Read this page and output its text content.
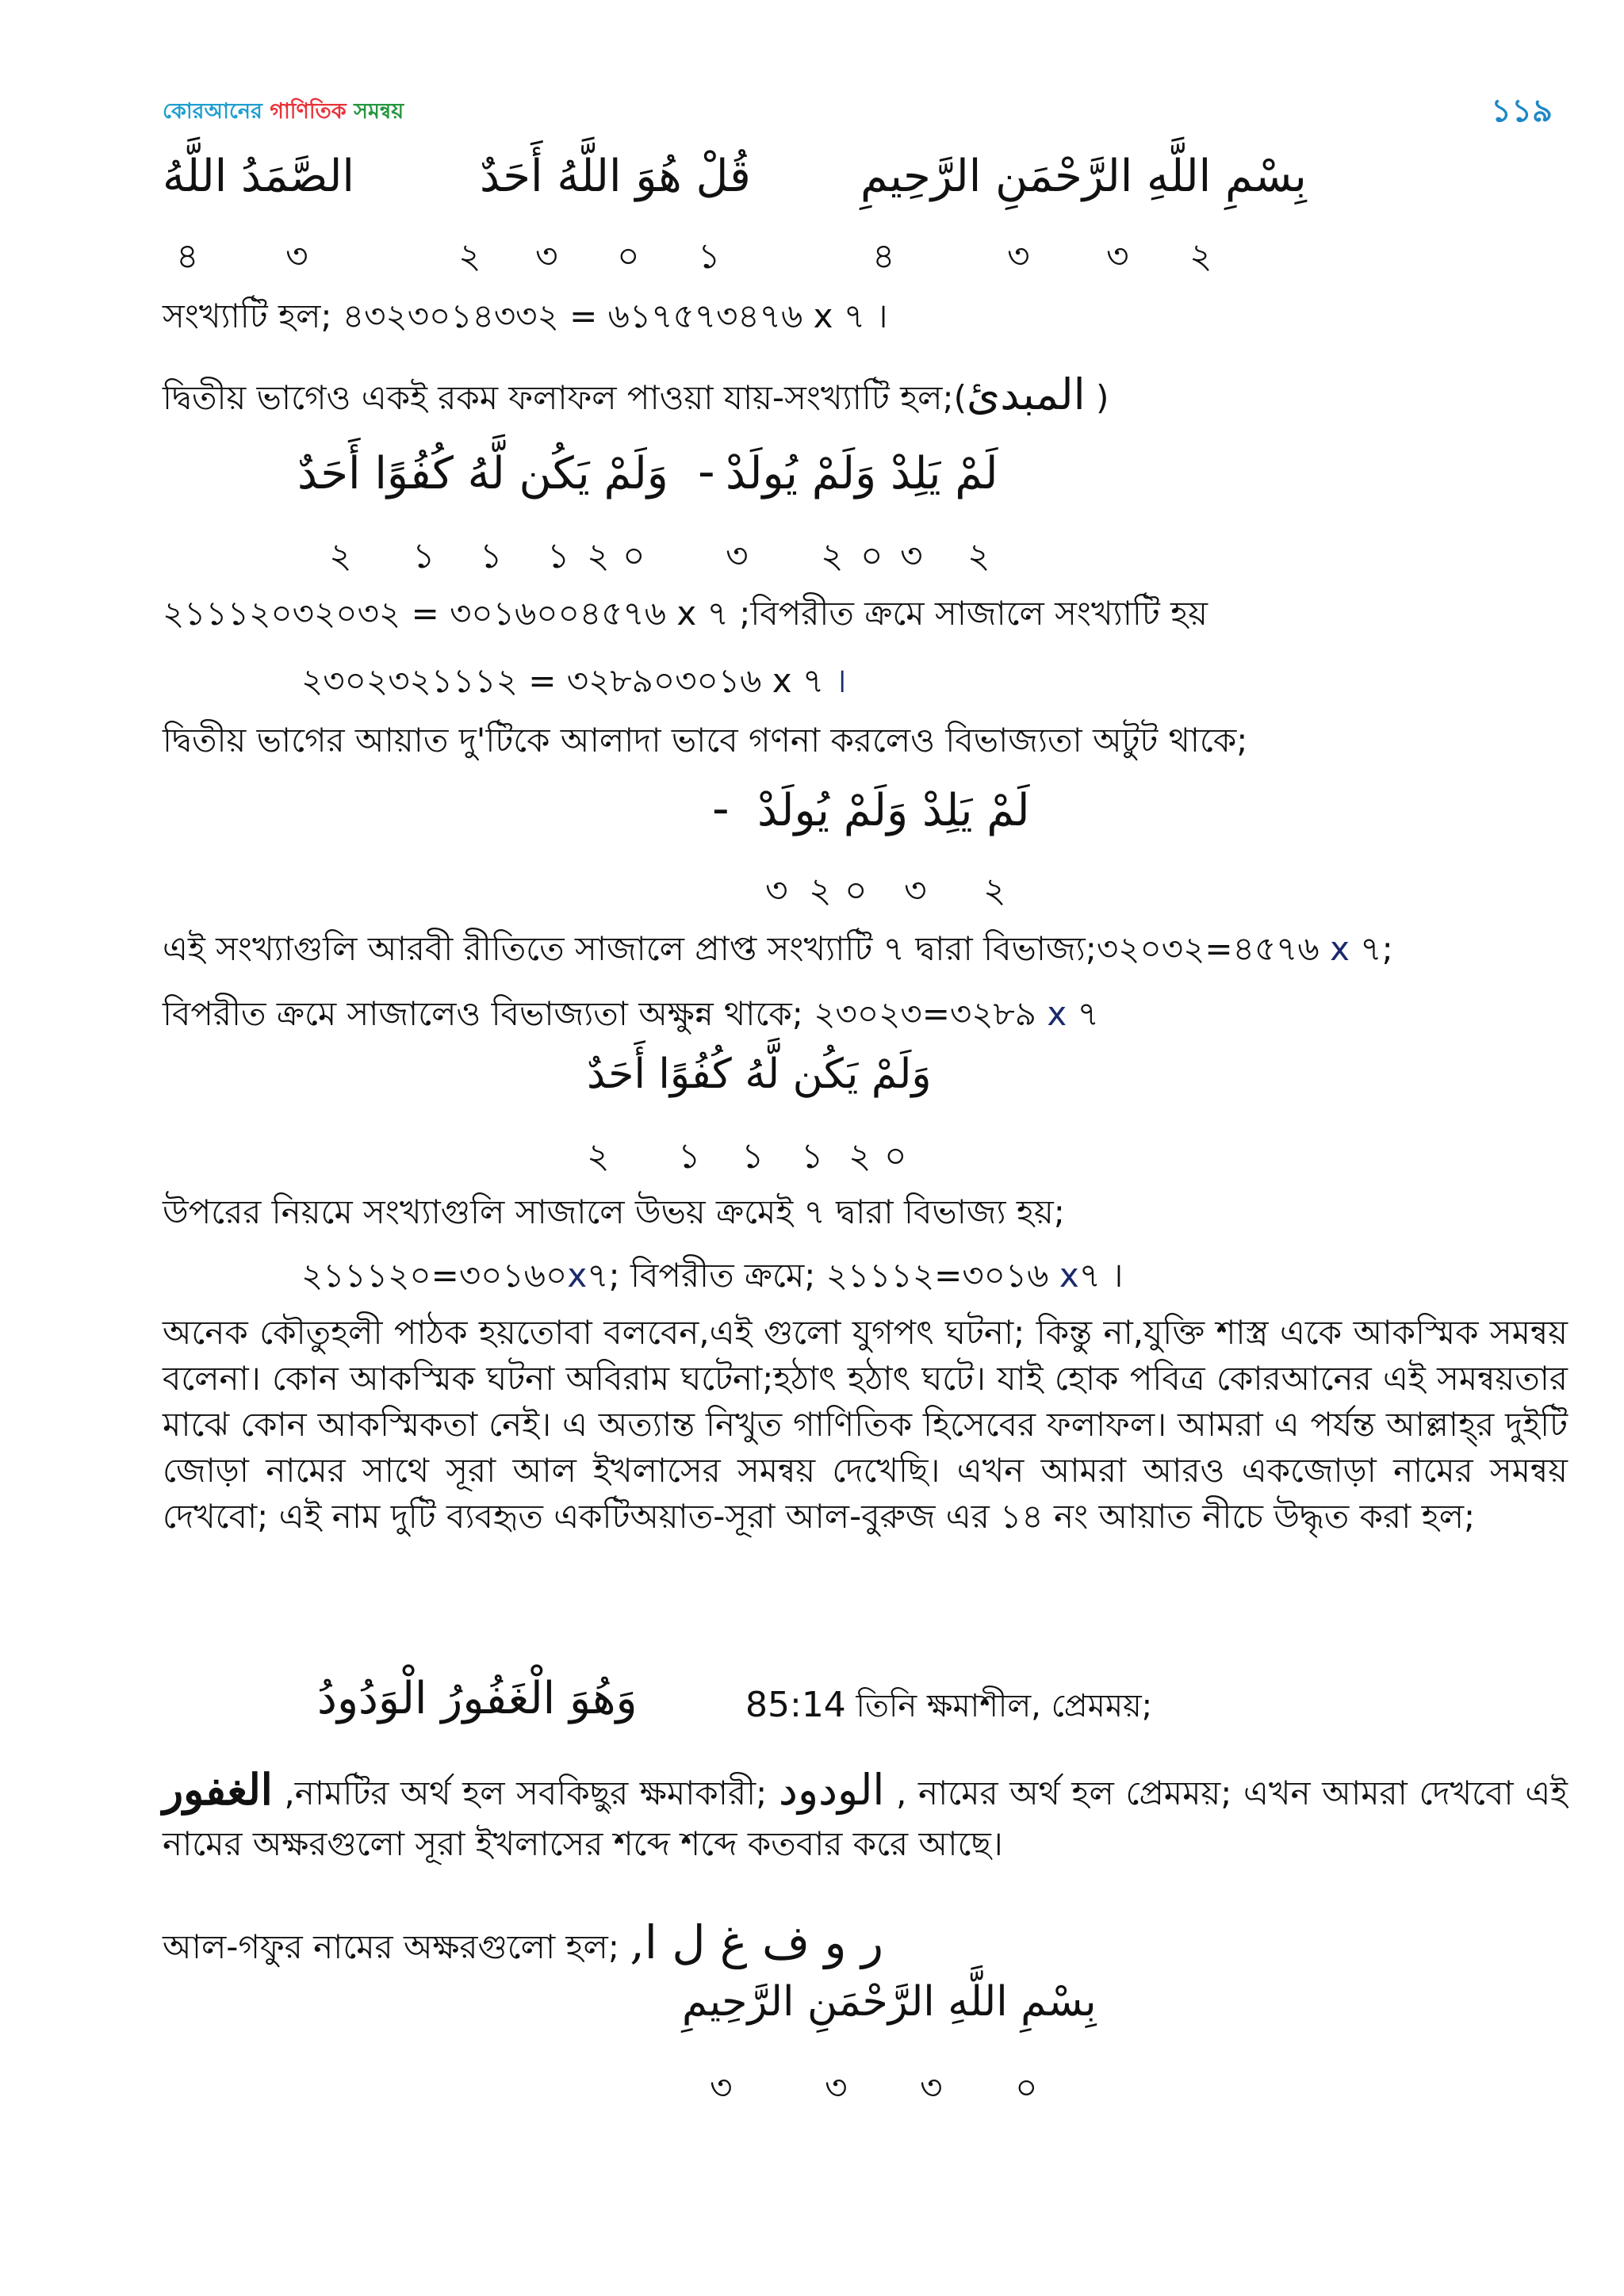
কোরআনের গাণিতিক সমন্বয়	১১৯
الصَّمَدُ اللَّهُ	قُلْ هُوَ اللَّهُ أَحَدٌ بِسْمِ اللَّهِ الرَّحْمَنِ الرَّحِيمِ
৪ ৩	২ ৩ ০ ১	৪	৩ ৩ ২
সংখ্যাটি হল; ৪৩২৩০১৪৩৩২ = ৬১৭৫৭৩৪৭৬ x ৭ ।
দ্বিতীয় ভাগেও একই রকম ফলাফল পাওয়া যায়-সংখ্যাটি হল;(المبدئ )
وَلَمْ يَكُن لَّهُ كُفُوًا أَحَدٌ - لَمْ يَلِدْ وَلَمْ يُولَدْ
২ ১ ১ ১ ২ ০ ৩ ২ ০ ৩ ২
২১১১২০৩২০৩২ = ৩০১৬০০৪৫৭৬ x ৭ ;বিপরীত ক্রমে সাজালে সংখ্যাটি হয়
২৩০২৩২১১১২ = ৩২৮৯০৩০১৬ x ৭ ।
দ্বিতীয় ভাগের আয়াত দু'টিকে আলাদা ভাবে গণনা করলেও বিভাজ্যতা অটুট থাকে;
- لَمْ يَلِدْ وَلَمْ يُولَدْ
৩ ২ ০ ৩ ২
এই সংখ্যাগুলি আরবী রীতিতে সাজালে প্রাপ্ত সংখ্যাটি ৭ দ্বারা বিভাজ্য;৩২০৩২=৪৫৭৬ x ৭;
বিপরীত ক্রমে সাজালেও বিভাজ্যতা অক্ষুন্ন থাকে; ২৩০২৩=৩২৮৯ x ৭
وَلَمْ يَكُن لَّهُ كُفُوًا أَحَدٌ
২ ১ ১ ১ ২ ০
উপরের নিয়মে সংখ্যাগুলি সাজালে উভয় ক্রমেই ৭ দ্বারা বিভাজ্য হয়;
২১১১২০=৩০১৬০x৭; বিপরীত ক্রমে; ২১১১২=৩০১৬ x৭ ।
অনেক কৌতুহলী পাঠক হয়তোবা বলবেন,এই গুলো যুগপৎ ঘটনা; কিন্তু না,যুক্তি শাস্ত্র একে আকস্মিক সমন্বয় বলেনা। কোন আকস্মিক ঘটনা অবিরাম ঘটেনা;হঠাৎ হঠাৎ ঘটে। যাই হোক পবিত্র কোরআনের এই সমন্বয়তার মাঝে কোন আকস্মিকতা নেই। এ অত্যান্ত নিখুত গাণিতিক হিসেবের ফলাফল। আমরা এ পর্যন্ত আল্লাহ্‌র দুইটি জোড়া নামের সাথে সূরা আল ইখলাসের সমন্বয় দেখেছি। এখন আমরা আরও একজোড়া নামের সমন্বয় দেখবো; এই নাম দুটি ব্যবহৃত একটিঅয়াত-সূরা আল-বুরুজ এর ১৪ নং আয়াত নীচে উদ্ধৃত করা হল;
وَهُوَ الْغَفُورُ الْوَدُودُ	85:14 তিনি ক্ষমাশীল, প্রেমময়;
الغفور ,নামটির অর্থ হল সবকিছুর ক্ষমাকারী; الودود , নামের অর্থ হল প্রেমময়; এখন আমরা দেখবো এই নামের অক্ষরগুলো সূরা ইখলাসের শব্দে শব্দে কতবার করে আছে।
আল-গফুর নামের অক্ষরগুলো হল; ر و ف غ ل ا,
بِسْمِ اللَّهِ الرَّحْمَنِ الرَّحِيمِ
৩	৩ ৩ ০
